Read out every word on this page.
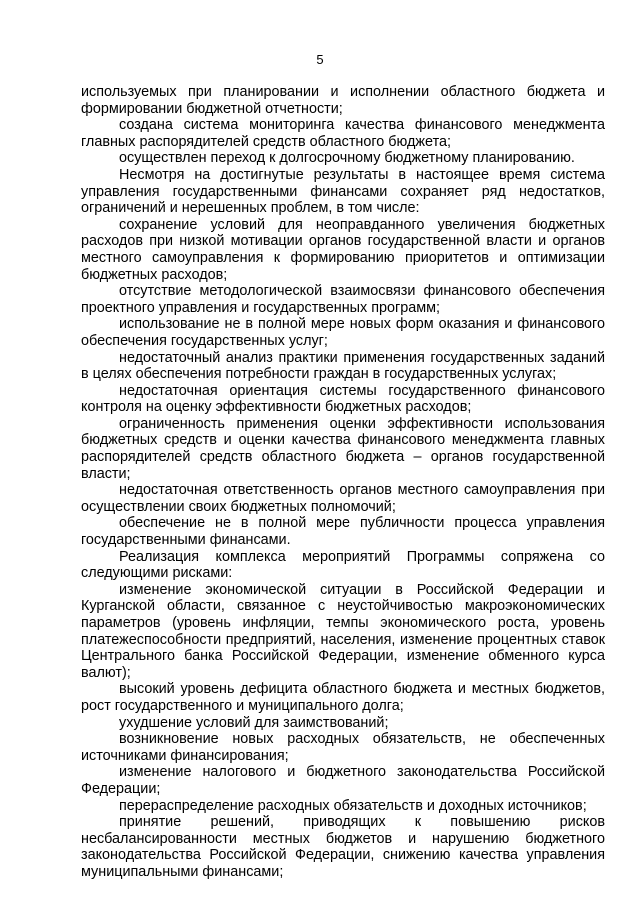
5

используемых при планировании и исполнении областного бюджета и формировании бюджетной отчетности;

создана система мониторинга качества финансового менеджмента главных распорядителей средств областного бюджета;

осуществлен переход к долгосрочному бюджетному планированию.

Несмотря на достигнутые результаты в настоящее время система управления государственными финансами сохраняет ряд недостатков, ограничений и нерешенных проблем, в том числе:

сохранение условий для неоправданного увеличения бюджетных расходов при низкой мотивации органов государственной власти и органов местного самоуправления к формированию приоритетов и оптимизации бюджетных расходов;

отсутствие методологической взаимосвязи финансового обеспечения проектного управления и государственных программ;

использование не в полной мере новых форм оказания и финансового обеспечения государственных услуг;

недостаточный анализ практики применения государственных заданий в целях обеспечения потребности граждан в государственных услугах;

недостаточная ориентация системы государственного финансового контроля на оценку эффективности бюджетных расходов;

ограниченность применения оценки эффективности использования бюджетных средств и оценки качества финансового менеджмента главных распорядителей средств областного бюджета – органов государственной власти;

недостаточная ответственность органов местного самоуправления при осуществлении своих бюджетных полномочий;

обеспечение не в полной мере публичности процесса управления государственными финансами.

Реализация комплекса мероприятий Программы сопряжена со следующими рисками:

изменение экономической ситуации в Российской Федерации и Курганской области, связанное с неустойчивостью макроэкономических параметров (уровень инфляции, темпы экономического роста, уровень платежеспособности предприятий, населения, изменение процентных ставок Центрального банка Российской Федерации, изменение обменного курса валют);

высокий уровень дефицита областного бюджета и местных бюджетов, рост государственного и муниципального долга;

ухудшение условий для заимствований;

возникновение новых расходных обязательств, не обеспеченных источниками финансирования;

изменение налогового и бюджетного законодательства Российской Федерации;

перераспределение расходных обязательств и доходных источников;

принятие решений, приводящих к повышению рисков несбалансированности местных бюджетов и нарушению бюджетного законодательства Российской Федерации, снижению качества управления муниципальными финансами;
